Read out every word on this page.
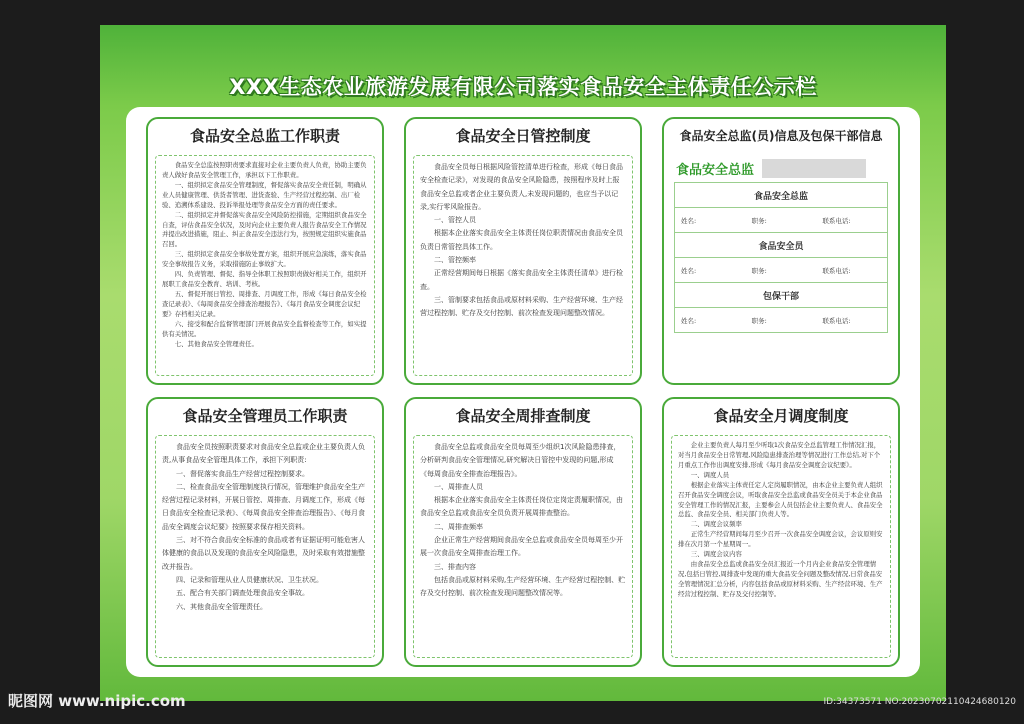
XXX生态农业旅游发展有限公司落实食品安全主体责任公示栏
食品安全总监工作职责

　　食品安全总监按照职责要求直接对企业主要负责人负责，协助主要负责人做好食品安全管理工作，承担以下工作职责。
　　一、组织拟定食品安全管理制度，督促落实食品安全责任制，明确从业人员健康管理、供货者管理、进货查验、生产经营过程控制、出厂检验、追溯体系建设、投诉举报处理等食品安全方面的责任要求。
　　二、组织拟定并督促落实食品安全风险防控措施，定期组织食品安全自查，评估食品安全状况，及时向企业主要负责人报告食品安全工作情况并提出改进措施，阻止、纠正食品安全违法行为，按照规定组织实施食品召回。
　　三、组织拟定食品安全事故处置方案，组织开展应急演练，落实食品安全事故报告义务，采取措施防止事故扩大。
　　四、负责管理、督促、指导全体职工按照职责做好相关工作，组织开展职工食品安全教育、培训、考核。
　　五、督促开展日管控、周排查、月调度工作，形成《每日食品安全检查记录表》、《每周食品安全排查治理报告》、《每月食品安全调度会议纪要》存档相关记录。
　　六、接受和配合监督管理部门开展食品安全监督检查等工作，如实提供有关情况。
　　七、其他食品安全管理责任。

食品安全日管控制度

　　食品安全员每日根据风险管控清单进行检查，形成《每日食品安全检查记录》，对发现的食品安全风险隐患，按照程序及时上报食品安全总监或者企业主要负责人,未发现问题的，也应当予以记录,实行零风险报告。
　　一、管控人员
　　根据本企业落实食品安全主体责任岗位职责情况由食品安全员负责日常管控具体工作。
　　二、管控频率
　　正常经营期间每日根据《落实食品安全主体责任清单》进行检查。
　　三、管制要求包括食品或原材料采购、生产经营环境、生产经营过程控制、贮存及交付控制、前次检查发现问题整改情况。

食品安全总监(员)信息及包保干部信息
食品安全总监
食品安全总监
姓名:	职务:	联系电话:
食品安全员
姓名:	职务:	联系电话:
包保干部
姓名:	职务:	联系电话:
食品安全管理员工作职责

　　食品安全员按照职责要求对食品安全总监或企业主要负责人负责,从事食品安全管理具体工作，承担下列职责:
　　一、督促落实食品生产经营过程控制要求。
　　二、检查食品安全管理制度执行情况，管理维护食品安全生产经营过程记录材料，开展日管控、周排查、月调度工作，形成《每日食品安全检查记录表》、《每周食品安全排查治理报告》、《每月食品安全调度会议纪要》按照要求保存相关资料。
　　三、对不符合食品安全标准的食品或者有证据证明可能危害人体健康的食品以及发现的食品安全风险隐患，及时采取有效措施整改并报告。
　　四、记录和管理从业人员健康状况、卫生状况。
　　五、配合有关部门调查处理食品安全事故。
　　六、其他食品安全管理责任。

食品安全周排查制度

　　食品安全总监或食品安全员每周至少组织1次风险隐患排查，分析研判食品安全管理情况,研究解决日管控中发现的问题,形成《每周食品安全排查治理报告》。
　　一、周排查人员
　　根据本企业落实食品安全主体责任岗位定岗定责履职情况，由食品安全总监或食品安全员负责开展周排查整治。
　　二、周排查频率
　　企业正常生产经营期间食品安全总监或食品安全员每周至少开展一次食品安全周排查治理工作。
　　三、排查内容
　　包括食品或原材料采购,生产经营环境、生产经营过程控制、贮存及交付控制、前次检查发现问题整改情况等。

食品安全月调度制度

　　企业主要负责人每月至少听取1次食品安全总监管理工作情况汇报，对当月食品安全日常管理,风险隐患排查治理等情况进行工作总结,对下个月重点工作作出调度安排,形成《每月食品安全调度会议纪要》。
　　一、调度人员
　　根据企业落实主体责任定人定岗履职情况，由本企业主要负责人组织召开食品安全调度会议，听取食品安全总监或食品安全员关于本企业食品安全管理工作的情况汇报，主要参会人员包括企业主要负责人、食品安全总监、食品安全员、相关部门负责人等。
　　二、调度会议频率
　　正常生产经营期间每月至少召开一次食品安全调度会议，会议原则安排在次月第一个星期周一。
　　三、调度会议内容
　　由食品安全总监或食品安全员汇报近一个月内企业食品安全管理情况,包括日管控,周排查中发现的重大食品安全问题及整改情况,日常食品安全管理情况汇总分析，内容包括食品或原材料采购、生产经营环境、生产经营过程控制、贮存及交付控制等。

昵图网 www.nipic.com	ID:34373571 NO:20230702110424680120
